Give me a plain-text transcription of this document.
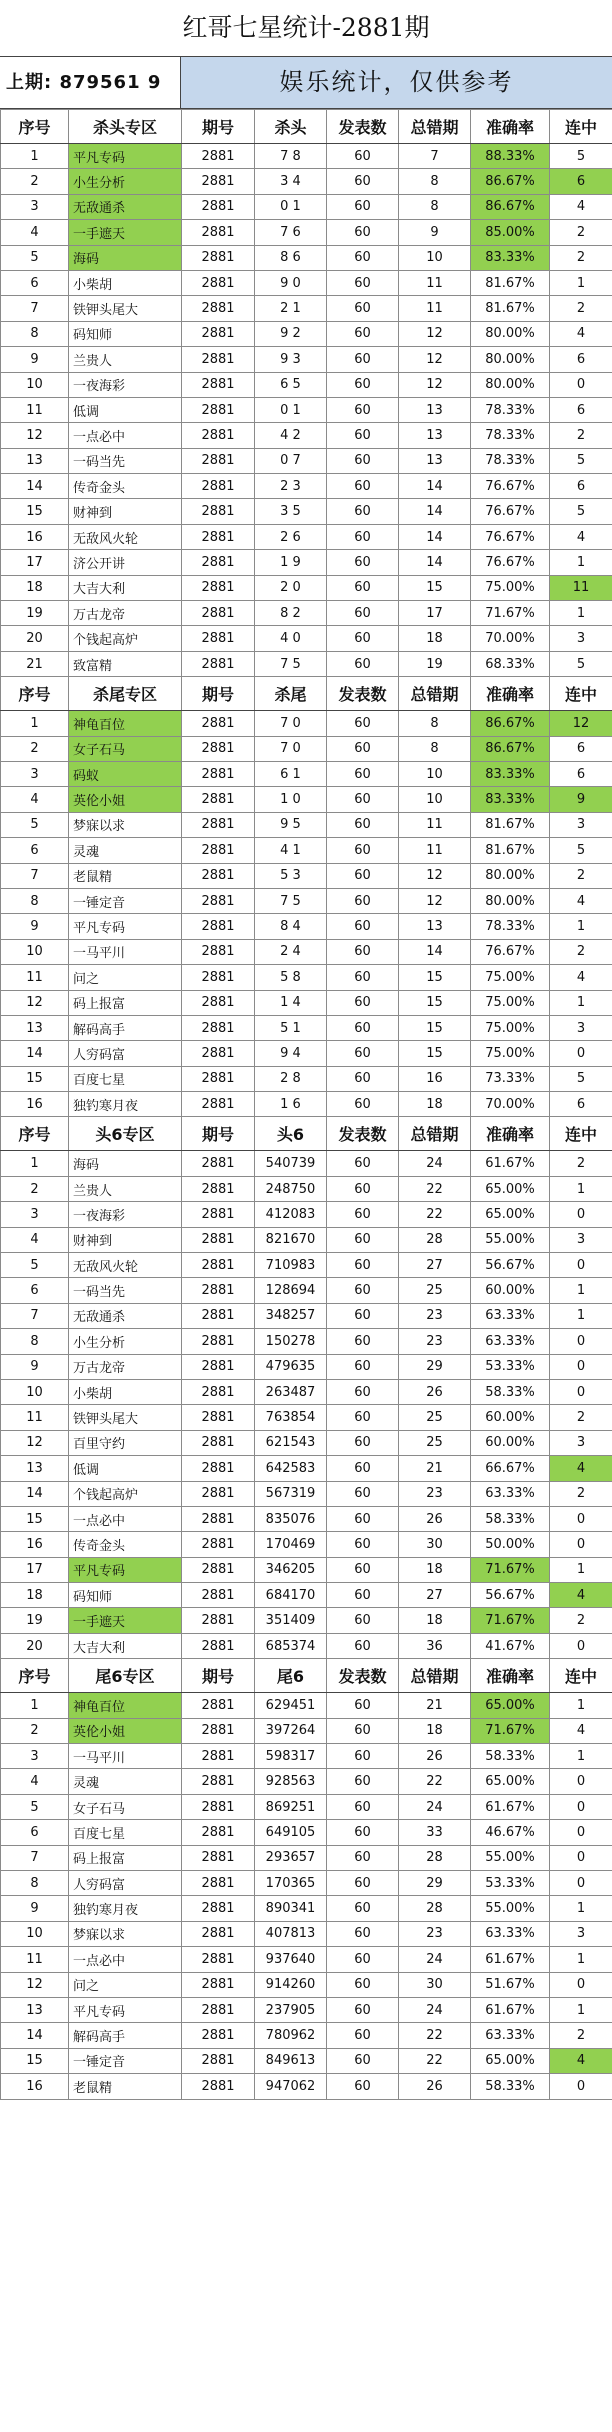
红哥七星统计-2881期
上期: 879561 9	娱乐统计，仅供参考
序号	杀头专区	期号	杀头	发表数	总错期	准确率	连中
1	平凡专码	2881	7 8	60	7	88.33%	5
2	小生分析	2881	3 4	60	8	86.67%	6
3	无敌通杀	2881	0 1	60	8	86.67%	4
4	一手遮天	2881	7 6	60	9	85.00%	2
5	海码	2881	8 6	60	10	83.33%	2
6	小柴胡	2881	9 0	60	11	81.67%	1
7	铁钾头尾大	2881	2 1	60	11	81.67%	2
8	码知师	2881	9 2	60	12	80.00%	4
9	兰贵人	2881	9 3	60	12	80.00%	6
10	一夜海彩	2881	6 5	60	12	80.00%	0
11	低调	2881	0 1	60	13	78.33%	6
12	一点必中	2881	4 2	60	13	78.33%	2
13	一码当先	2881	0 7	60	13	78.33%	5
14	传奇金头	2881	2 3	60	14	76.67%	6
15	财神到	2881	3 5	60	14	76.67%	5
16	无敌风火轮	2881	2 6	60	14	76.67%	4
17	济公开讲	2881	1 9	60	14	76.67%	1
18	大吉大利	2881	2 0	60	15	75.00%	11
19	万古龙帝	2881	8 2	60	17	71.67%	1
20	个钱起高炉	2881	4 0	60	18	70.00%	3
21	致富精	2881	7 5	60	19	68.33%	5
序号	杀尾专区	期号	杀尾	发表数	总错期	准确率	连中
1	神龟百位	2881	7 0	60	8	86.67%	12
2	女子石马	2881	7 0	60	8	86.67%	6
3	码蚁	2881	6 1	60	10	83.33%	6
4	英伦小姐	2881	1 0	60	10	83.33%	9
5	梦寐以求	2881	9 5	60	11	81.67%	3
6	灵魂	2881	4 1	60	11	81.67%	5
7	老鼠精	2881	5 3	60	12	80.00%	2
8	一锤定音	2881	7 5	60	12	80.00%	4
9	平凡专码	2881	8 4	60	13	78.33%	1
10	一马平川	2881	2 4	60	14	76.67%	2
11	问之	2881	5 8	60	15	75.00%	4
12	码上报富	2881	1 4	60	15	75.00%	1
13	解码高手	2881	5 1	60	15	75.00%	3
14	人穷码富	2881	9 4	60	15	75.00%	0
15	百度七星	2881	2 8	60	16	73.33%	5
16	独钓寒月夜	2881	1 6	60	18	70.00%	6
序号	头6专区	期号	头6	发表数	总错期	准确率	连中
1	海码	2881	540739	60	24	61.67%	2
2	兰贵人	2881	248750	60	22	65.00%	1
3	一夜海彩	2881	412083	60	22	65.00%	0
4	财神到	2881	821670	60	28	55.00%	3
5	无敌风火轮	2881	710983	60	27	56.67%	0
6	一码当先	2881	128694	60	25	60.00%	1
7	无敌通杀	2881	348257	60	23	63.33%	1
8	小生分析	2881	150278	60	23	63.33%	0
9	万古龙帝	2881	479635	60	29	53.33%	0
10	小柴胡	2881	263487	60	26	58.33%	0
11	铁钾头尾大	2881	763854	60	25	60.00%	2
12	百里守约	2881	621543	60	25	60.00%	3
13	低调	2881	642583	60	21	66.67%	4
14	个钱起高炉	2881	567319	60	23	63.33%	2
15	一点必中	2881	835076	60	26	58.33%	0
16	传奇金头	2881	170469	60	30	50.00%	0
17	平凡专码	2881	346205	60	18	71.67%	1
18	码知师	2881	684170	60	27	56.67%	4
19	一手遮天	2881	351409	60	18	71.67%	2
20	大吉大利	2881	685374	60	36	41.67%	0
序号	尾6专区	期号	尾6	发表数	总错期	准确率	连中
1	神龟百位	2881	629451	60	21	65.00%	1
2	英伦小姐	2881	397264	60	18	71.67%	4
3	一马平川	2881	598317	60	26	58.33%	1
4	灵魂	2881	928563	60	22	65.00%	0
5	女子石马	2881	869251	60	24	61.67%	0
6	百度七星	2881	649105	60	33	46.67%	0
7	码上报富	2881	293657	60	28	55.00%	0
8	人穷码富	2881	170365	60	29	53.33%	0
9	独钓寒月夜	2881	890341	60	28	55.00%	1
10	梦寐以求	2881	407813	60	23	63.33%	3
11	一点必中	2881	937640	60	24	61.67%	1
12	问之	2881	914260	60	30	51.67%	0
13	平凡专码	2881	237905	60	24	61.67%	1
14	解码高手	2881	780962	60	22	63.33%	2
15	一锤定音	2881	849613	60	22	65.00%	4
16	老鼠精	2881	947062	60	26	58.33%	0
